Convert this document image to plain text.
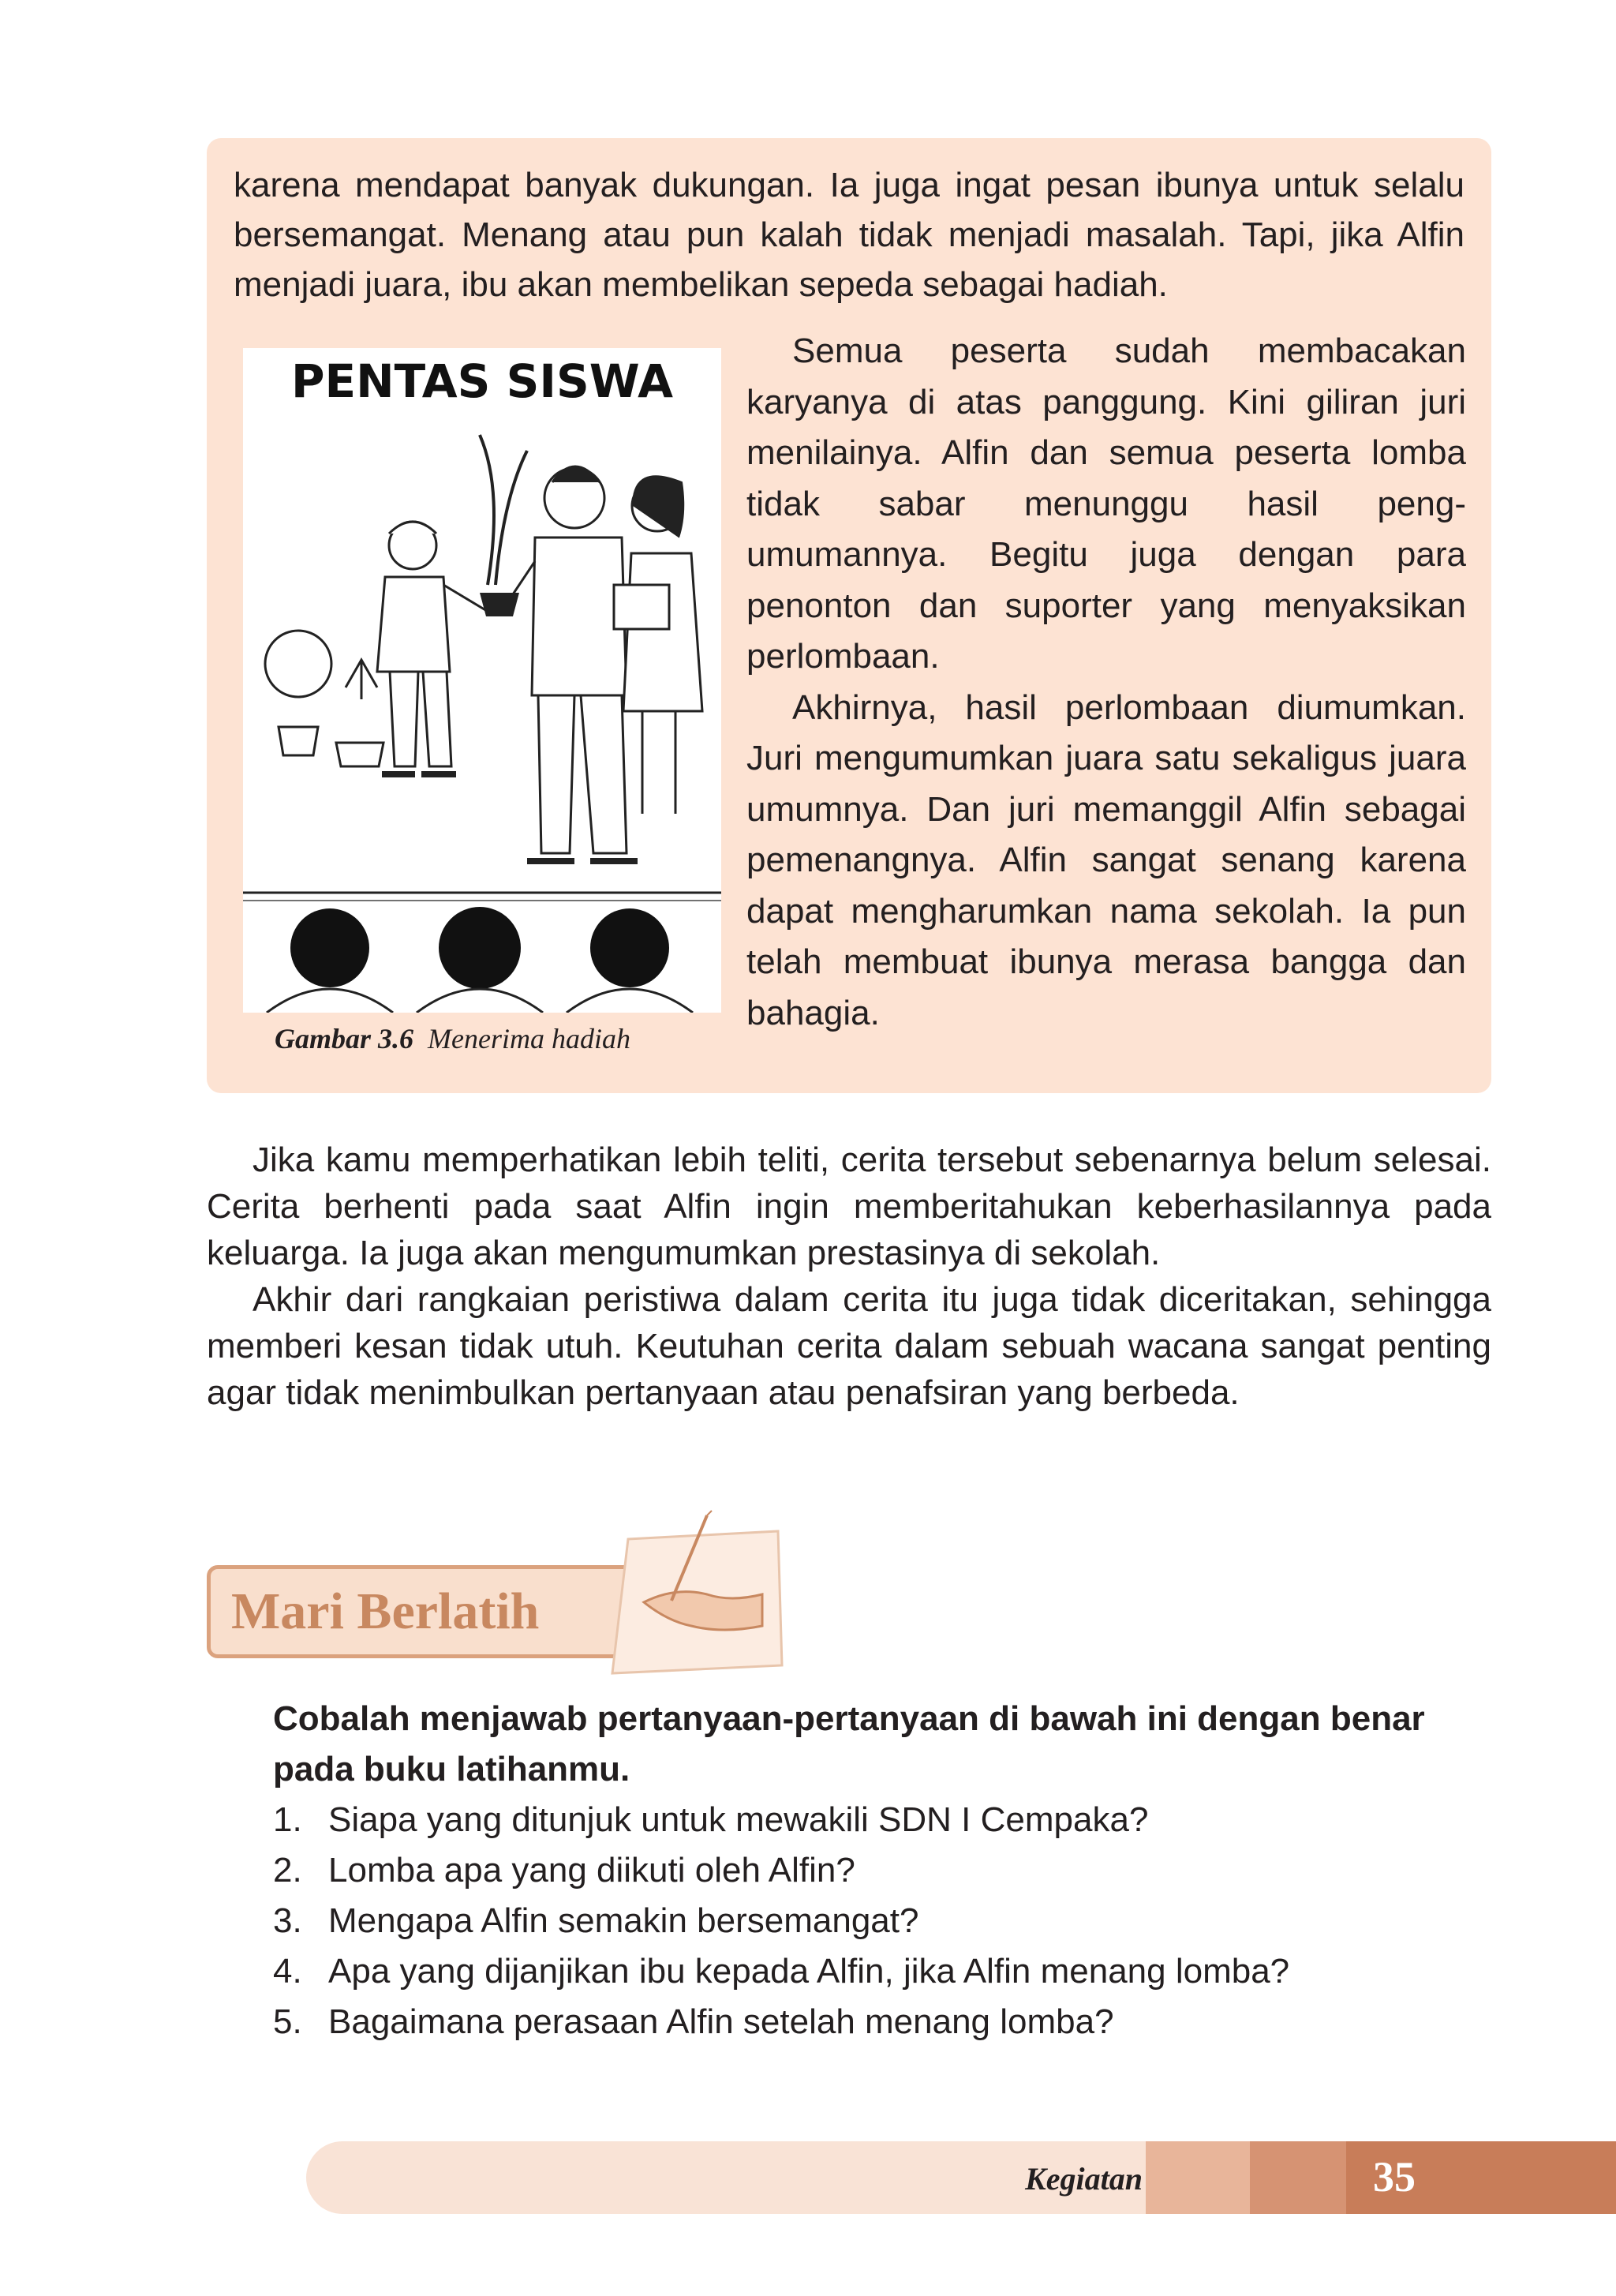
karena mendapat banyak dukungan. Ia juga ingat pesan ibunya untuk selalu bersemangat. Menang atau pun kalah tidak menjadi masalah. Tapi, jika Alfin menjadi juara, ibu akan membelikan sepeda sebagai hadiah.

PENTAS SISWA
Gambar 3.6 Menerima hadiah

Semua peserta sudah membacakan karyanya di atas panggung. Kini giliran juri menilainya. Alfin dan semua peserta lomba tidak sabar menunggu hasil peng-umumannya. Begitu juga dengan para penonton dan suporter yang menyaksikan perlombaan.

Akhirnya, hasil perlombaan diumumkan. Juri mengumumkan juara satu sekaligus juara umumnya. Dan juri memanggil Alfin sebagai pemenangnya. Alfin sangat senang karena dapat mengharumkan nama sekolah. Ia pun telah membuat ibunya merasa bangga dan bahagia.

Jika kamu memperhatikan lebih teliti, cerita tersebut sebenarnya belum selesai. Cerita berhenti pada saat Alfin ingin memberitahukan keberhasilannya pada keluarga. Ia juga akan mengumumkan prestasinya di sekolah.

Akhir dari rangkaian peristiwa dalam cerita itu juga tidak diceritakan, sehingga memberi kesan tidak utuh. Keutuhan cerita dalam sebuah wacana sangat penting agar tidak menimbulkan pertanyaan atau penafsiran yang berbeda.

Mari Berlatih

Cobalah menjawab pertanyaan-pertanyaan di bawah ini dengan benar pada buku latihanmu.

1. Siapa yang ditunjuk untuk mewakili SDN I Cempaka?
2. Lomba apa yang diikuti oleh Alfin?
3. Mengapa Alfin semakin bersemangat?
4. Apa yang dijanjikan ibu kepada Alfin, jika Alfin menang lomba?
5. Bagaimana perasaan Alfin setelah menang lomba?
Kegiatan	35
